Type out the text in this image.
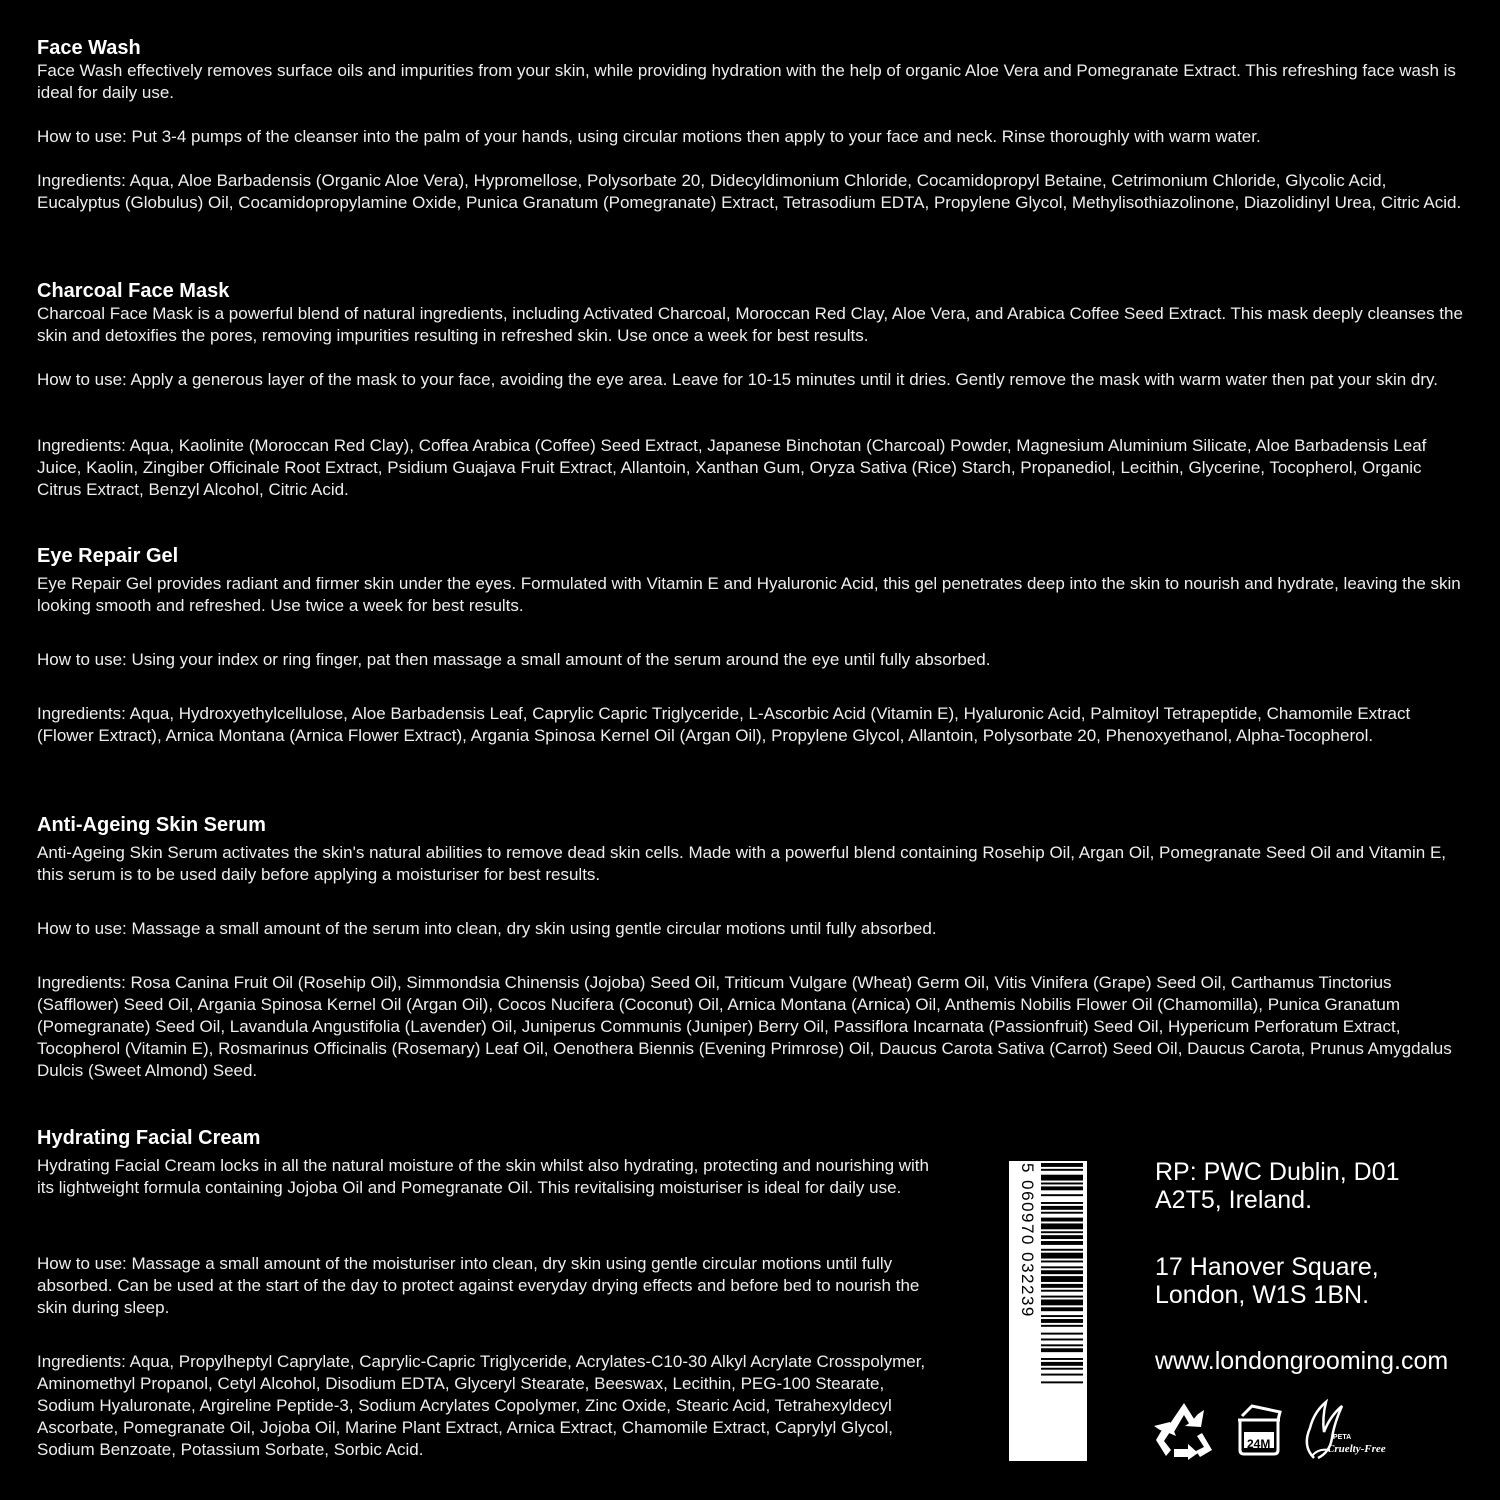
Face Wash
Face Wash effectively removes surface oils and impurities from your skin, while providing hydration with the help of organic Aloe Vera and Pomegranate Extract. This refreshing face wash is ideal for daily use.
How to use: Put 3-4 pumps of the cleanser into the palm of your hands, using circular motions then apply to your face and neck. Rinse thoroughly with warm water.
Ingredients: Aqua, Aloe Barbadensis (Organic Aloe Vera), Hypromellose, Polysorbate 20, Didecyldimonium Chloride, Cocamidopropyl Betaine, Cetrimonium Chloride, Glycolic Acid, Eucalyptus (Globulus) Oil, Cocamidopropylamine Oxide, Punica Granatum (Pomegranate) Extract, Tetrasodium EDTA, Propylene Glycol, Methylisothiazolinone, Diazolidinyl Urea, Citric Acid.
Charcoal Face Mask
Charcoal Face Mask is a powerful blend of natural ingredients, including Activated Charcoal, Moroccan Red Clay, Aloe Vera, and Arabica Coffee Seed Extract. This mask deeply cleanses the skin and detoxifies the pores, removing impurities resulting in refreshed skin. Use once a week for best results.
How to use: Apply a generous layer of the mask to your face, avoiding the eye area. Leave for 10-15 minutes until it dries. Gently remove the mask with warm water then pat your skin dry.
Ingredients: Aqua, Kaolinite (Moroccan Red Clay), Coffea Arabica (Coffee) Seed Extract, Japanese Binchotan (Charcoal) Powder, Magnesium Aluminium Silicate, Aloe Barbadensis Leaf Juice, Kaolin, Zingiber Officinale Root Extract, Psidium Guajava Fruit Extract, Allantoin, Xanthan Gum, Oryza Sativa (Rice) Starch, Propanediol, Lecithin, Glycerine, Tocopherol, Organic Citrus Extract, Benzyl Alcohol, Citric Acid.
Eye Repair Gel
Eye Repair Gel provides radiant and firmer skin under the eyes. Formulated with Vitamin E and Hyaluronic Acid, this gel penetrates deep into the skin to nourish and hydrate, leaving the skin looking smooth and refreshed. Use twice a week for best results.
How to use: Using your index or ring finger, pat then massage a small amount of the serum around the eye until fully absorbed.
Ingredients: Aqua, Hydroxyethylcellulose, Aloe Barbadensis Leaf, Caprylic Capric Triglyceride, L-Ascorbic Acid (Vitamin E), Hyaluronic Acid, Palmitoyl Tetrapeptide, Chamomile Extract (Flower Extract), Arnica Montana (Arnica Flower Extract), Argania Spinosa Kernel Oil (Argan Oil), Propylene Glycol, Allantoin, Polysorbate 20, Phenoxyethanol, Alpha-Tocopherol.
Anti-Ageing Skin Serum
Anti-Ageing Skin Serum activates the skin's natural abilities to remove dead skin cells. Made with a powerful blend containing Rosehip Oil, Argan Oil, Pomegranate Seed Oil and Vitamin E, this serum is to be used daily before applying a moisturiser for best results.
How to use: Massage a small amount of the serum into clean, dry skin using gentle circular motions until fully absorbed.
Ingredients: Rosa Canina Fruit Oil (Rosehip Oil), Simmondsia Chinensis (Jojoba) Seed Oil, Triticum Vulgare (Wheat) Germ Oil, Vitis Vinifera (Grape) Seed Oil, Carthamus Tinctorius (Safflower) Seed Oil, Argania Spinosa Kernel Oil (Argan Oil), Cocos Nucifera (Coconut) Oil, Arnica Montana (Arnica) Oil, Anthemis Nobilis Flower Oil (Chamomilla), Punica Granatum (Pomegranate) Seed Oil, Lavandula Angustifolia (Lavender) Oil, Juniperus Communis (Juniper) Berry Oil, Passiflora Incarnata (Passionfruit) Seed Oil, Hypericum Perforatum Extract, Tocopherol (Vitamin E), Rosmarinus Officinalis (Rosemary) Leaf Oil, Oenothera Biennis (Evening Primrose) Oil, Daucus Carota Sativa (Carrot) Seed Oil, Daucus Carota, Prunus Amygdalus Dulcis (Sweet Almond) Seed.
Hydrating Facial Cream
Hydrating Facial Cream locks in all the natural moisture of the skin whilst also hydrating, protecting and nourishing with its lightweight formula containing Jojoba Oil and Pomegranate Oil. This revitalising moisturiser is ideal for daily use.
How to use: Massage a small amount of the moisturiser into clean, dry skin using gentle circular motions until fully absorbed. Can be used at the start of the day to protect against everyday drying effects and before bed to nourish the skin during sleep.
Ingredients: Aqua, Propylheptyl Caprylate, Caprylic-Capric Triglyceride, Acrylates-C10-30 Alkyl Acrylate Crosspolymer, Aminomethyl Propanol, Cetyl Alcohol, Disodium EDTA, Glyceryl Stearate, Beeswax, Lecithin, PEG-100 Stearate, Sodium Hyaluronate, Argireline Peptide-3, Sodium Acrylates Copolymer, Zinc Oxide, Stearic Acid, Tetrahexyldecyl Ascorbate, Pomegranate Oil, Jojoba Oil, Marine Plant Extract, Arnica Extract, Chamomile Extract, Caprylyl Glycol, Sodium Benzoate, Potassium Sorbate, Sorbic Acid.
5 060970 032239	RP: PWC Dublin, D01
A2T5, Ireland.
17 Hanover Square,
London, W1S 1BN.
www.londongrooming.com
24M	PETA
Cruelty-Free
